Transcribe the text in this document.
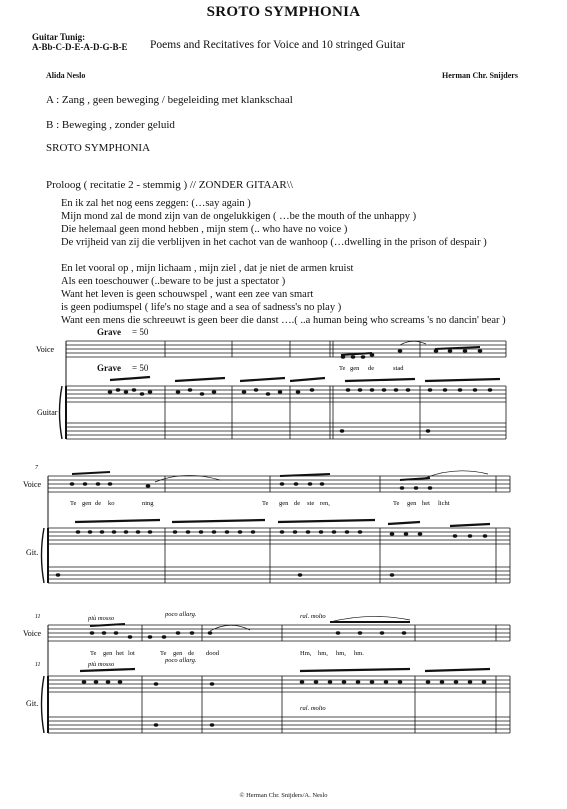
SROTO SYMPHONIA
Guitar Tunig:
A-Bb-C-D-E-A-D-G-B-E Poems and Recitatives for Voice and 10 stringed Guitar
Alida Neslo	Herman Chr. Snijders
A : Zang , geen beweging / begeleiding met klankschaal
B : Beweging , zonder geluid
SROTO SYMPHONIA
Proloog ( recitatie 2 - stemmig ) // ZONDER GITAAR\\
En ik zal het nog eens zeggen: (…say again )
Mijn mond zal de mond zijn van de ongelukkigen ( …be the mouth of the unhappy )
Die helemaal geen mond hebben , mijn stem (.. who have no voice )
De vrijheid van zij die verblijven in het cachot van de wanhoop (…dwelling in the prison of despair )
En let vooral op , mijn lichaam , mijn ziel , dat je niet de armen kruist
Als een toeschouwer (..beware to be just a spectator )
Want het leven is geen schouwspel , want een zee van smart
is geen podiumspel ( life's no stage and a sea of sadness's no play )
Want een mens die schreeuwt is geen beer die danst ….( ..a human being who screams 's no dancin' bear )
Grave = 50
Grave = 50
Voice
Guitar
Te gen de	stad
7
Voice
Git.
Te gen de ko	ning	Te gen de ste ren,	Te gen het licht
11
11
Voice
Git.
più mosso
poco allarg.	ral. molto
più mosso
poco allarg.
ral. molto
Te gen het lot	Te gen de dood	Hm, hm, hm, hm.
© Herman Chr. Snijders/A. Neslo
